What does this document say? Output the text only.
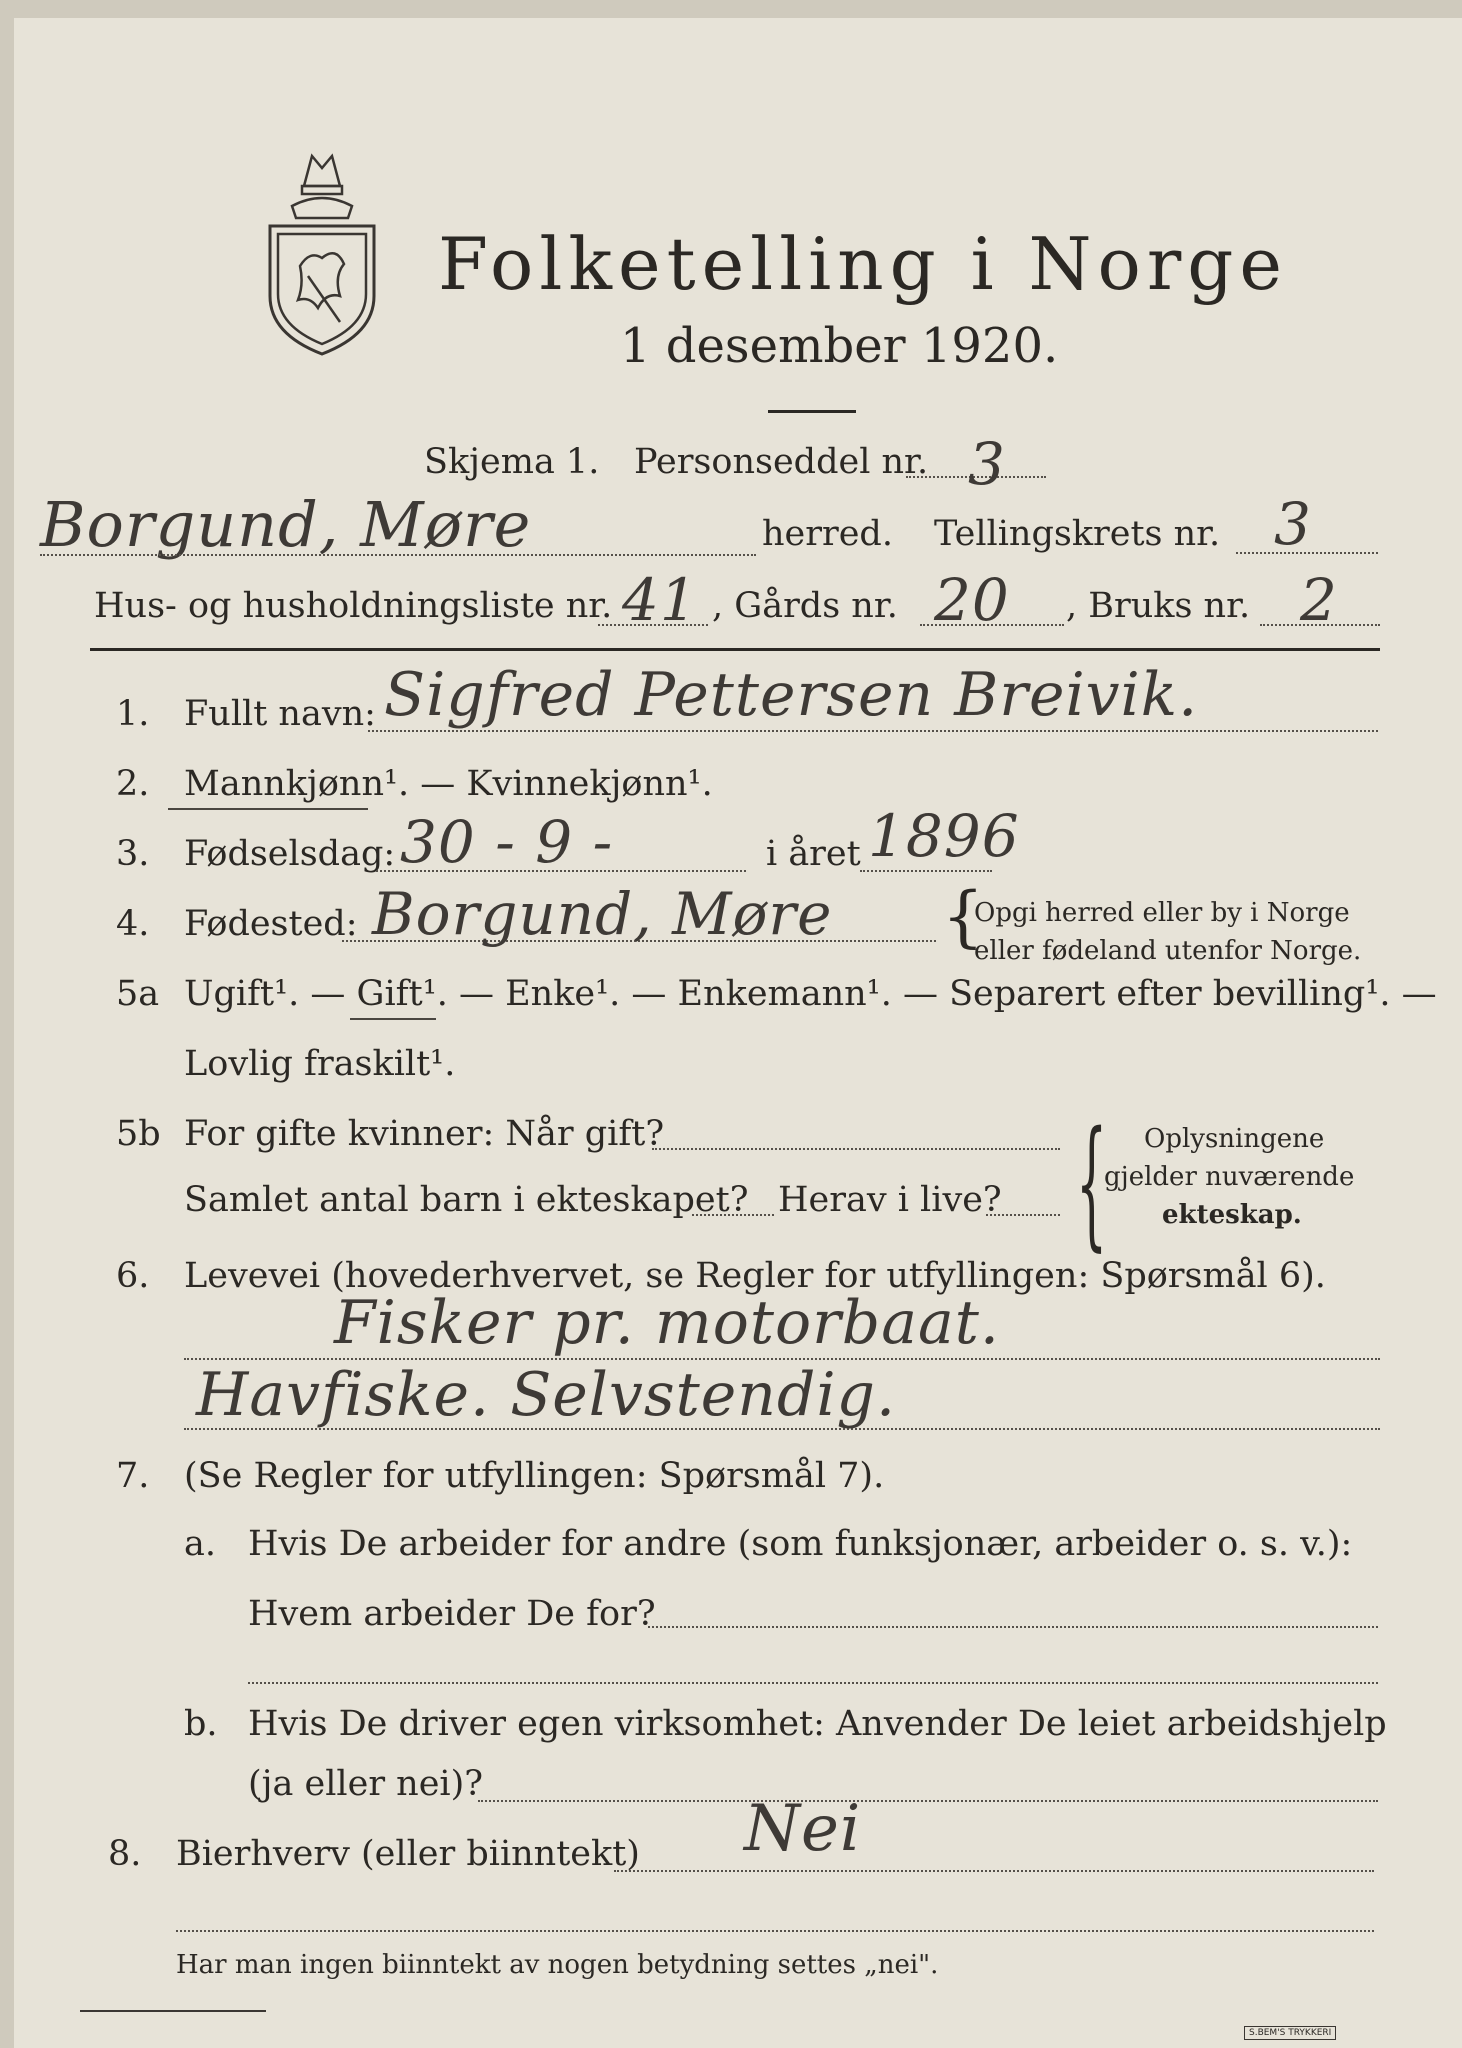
Folketelling i Norge
1 desember 1920.
Skjema 1. Personseddel nr. 3
Borgund, Møre	herred. Tellingskrets nr. 3
Hus- og husholdningsliste nr. 41 , Gårds nr. 20 , Bruks nr. 2
1. Fullt navn: Sigfred Pettersen Breivik.
2. Mannkjønn¹. — Kvinnekjønn¹.
3. Fødselsdag: 30 - 9 -	i året 1896
4. Fødested: Borgund, Møre {
Opgi herred eller by i Norge
eller fødeland utenfor Norge.
5a Ugift¹. — Gift¹. — Enke¹. — Enkemann¹. — Separert efter bevilling¹. —
Lovlig fraskilt¹.
5b For gifte kvinner: Når gift?
Samlet antal barn i ekteskapet? Herav i live? { Oplysningene
gjelder nuværende
ekteskap.
6. Levevei (hovederhvervet, se Regler for utfyllingen: Spørsmål 6).
Fisker pr. motorbaat.
Havfiske. Selvstendig.
7. (Se Regler for utfyllingen: Spørsmål 7).
a. Hvis De arbeider for andre (som funksjonær, arbeider o. s. v.):
Hvem arbeider De for?
b. Hvis De driver egen virksomhet: Anvender De leiet arbeidshjelp
(ja eller nei)?
8. Bierhverv (eller biinntekt) Nei
Har man ingen biinntekt av nogen betydning settes „nei".
S.BEM'S TRYKKERI
